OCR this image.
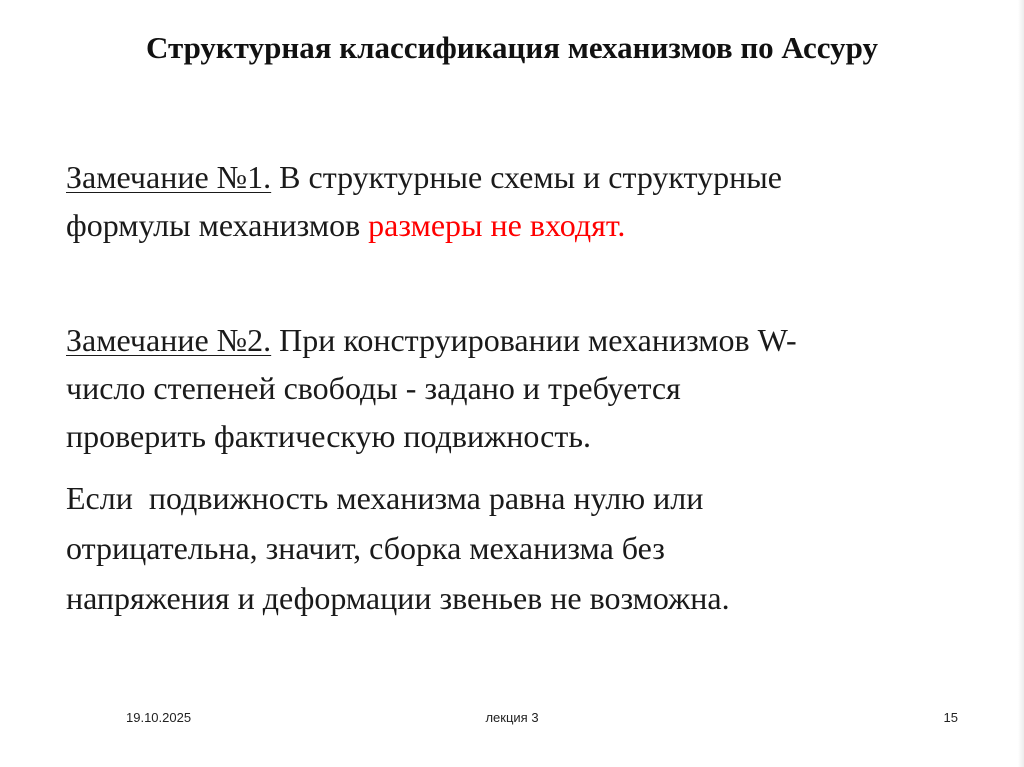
Структурная классификация механизмов по Ассуру

Замечание №1. В структурные схемы и структурные
формулы механизмов размеры не входят.

Замечание №2. При конструировании механизмов W-
число степеней свободы - задано и требуется
проверить фактическую подвижность.

Если  подвижность механизма равна нулю или
отрицательна, значит, сборка механизма без
напряжения и деформации звеньев не возможна.

19.10.2025	лекция 3	15
